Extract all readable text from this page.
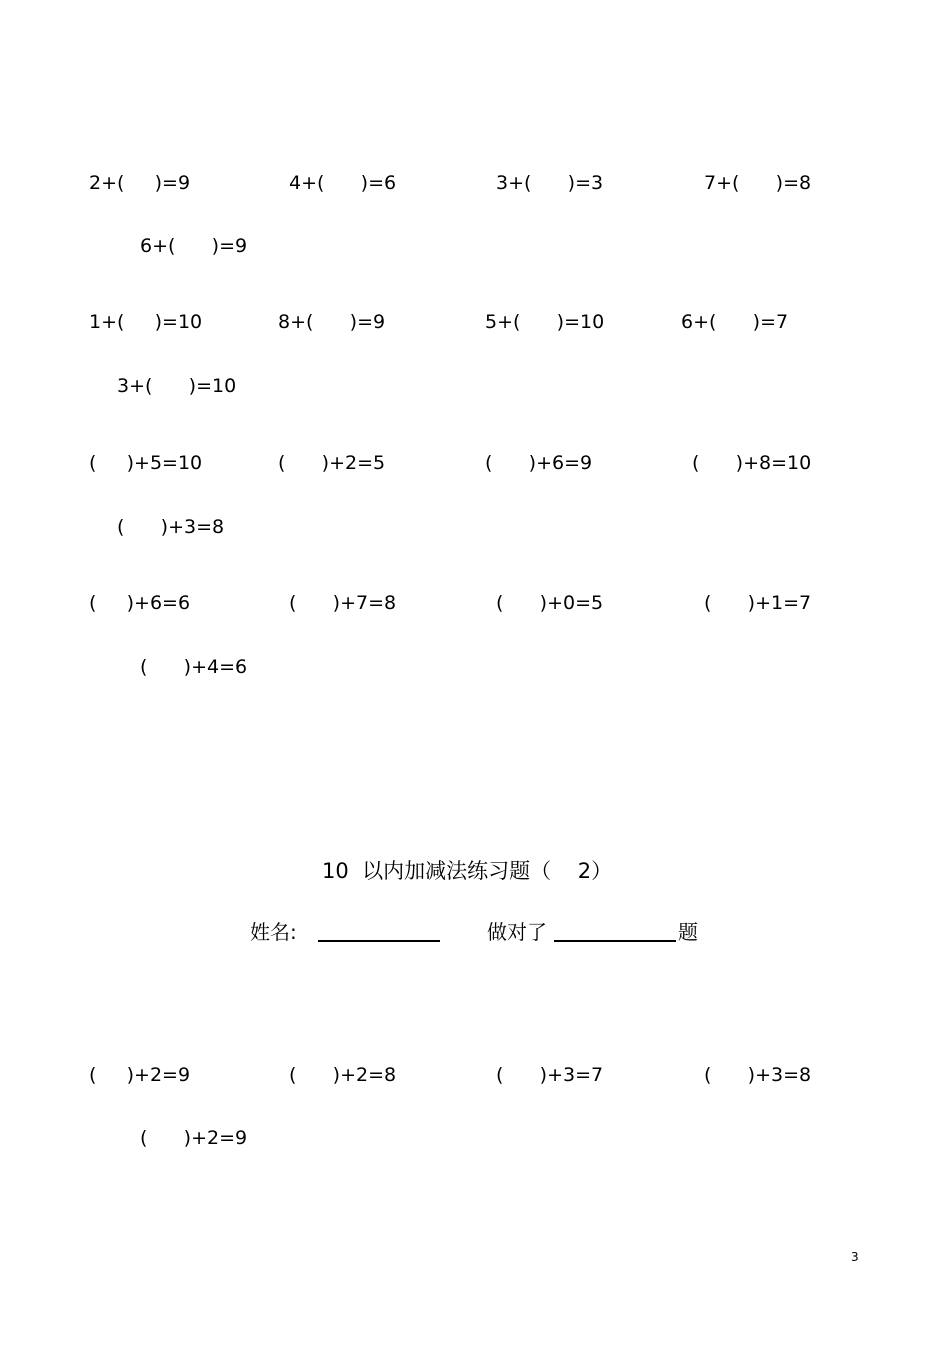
2+(     )=9	4+(      )=6	3+(      )=3	7+(      )=8
6+(      )=9
1+(     )=10	8+(      )=9	5+(      )=10	6+(      )=7
3+(      )=10
(     )+5=10	(      )+2=5	(      )+6=9	(      )+8=10
(      )+3=8
(     )+6=6	(      )+7=8	(      )+0=5	(      )+1=7
(      )+4=6
10  以内加减法练习题（    2）
姓名:	做对了	题
(     )+2=9	(      )+2=8	(      )+3=7	(      )+3=8
(      )+2=9
3
